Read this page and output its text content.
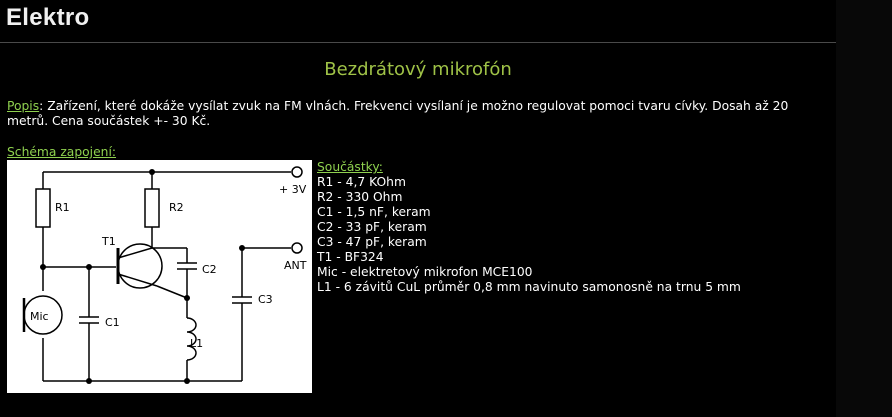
Elektro
Bezdrátový mikrofón
Popis: Zařízení, které dokáže vysílat zvuk na FM vlnách. Frekvenci vysílaní je možno regulovat pomoci tvaru cívky. Dosah až 20 metrů. Cena součástek +- 30 Kč.
Schéma zapojení:
R1	R2
T1
C2
C3
C1
L1
Mic
+ 3V
ANT
Součástky:
R1 - 4,7 KOhm
R2 - 330 Ohm
C1 - 1,5 nF, keram
C2 - 33 pF, keram
C3 - 47 pF, keram
T1 - BF324
Mic - elektretový mikrofon MCE100
L1 - 6 závitů CuL průměr 0,8 mm navinuto samonosně na trnu 5 mm
